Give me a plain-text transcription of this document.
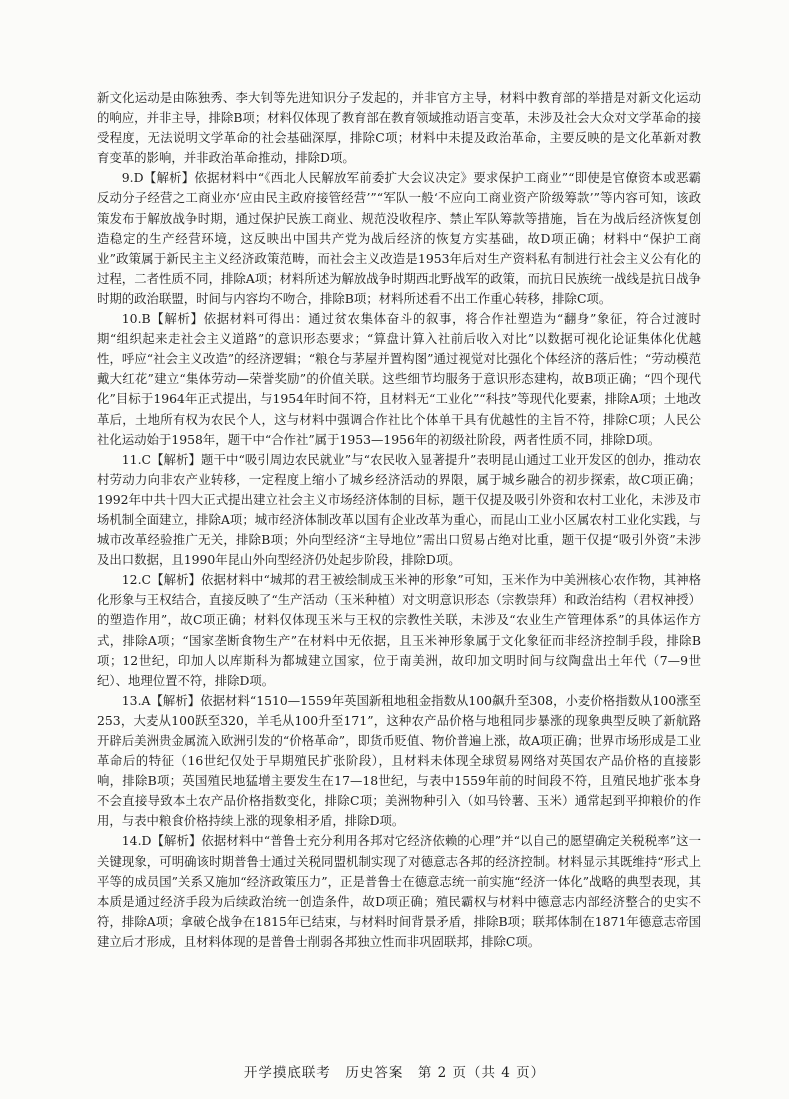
新文化运动是由陈独秀、李大钊等先进知识分子发起的，并非官方主导，材料中教育部的举措是对新文化运动的响应，并非主导，排除B项；材料仅体现了教育部在教育领域推动语言变革，未涉及社会大众对文学革命的接受程度，无法说明文学革命的社会基础深厚，排除C项；材料中未提及政治革命，主要反映的是文化革新对教育变革的影响，并非政治革命推动，排除D项。

9.D【解析】依据材料中“《西北人民解放军前委扩大会议决定》要求保护工商业”“即使是官僚资本或恶霸反动分子经营之工商业亦‘应由民主政府接管经营’”“军队一般‘不应向工商业资产阶级筹款’”等内容可知，该政策发布于解放战争时期，通过保护民族工商业、规范没收程序、禁止军队筹款等措施，旨在为战后经济恢复创造稳定的生产经营环境，这反映出中国共产党为战后经济的恢复方实基础，故D项正确；材料中“保护工商业”政策属于新民主主义经济政策范畴，而社会主义改造是1953年后对生产资料私有制进行社会主义公有化的过程，二者性质不同，排除A项；材料所述为解放战争时期西北野战军的政策，而抗日民族统一战线是抗日战争时期的政治联盟，时间与内容均不吻合，排除B项；材料所述看不出工作重心转移，排除C项。

10.B【解析】依据材料可得出：通过贫农集体奋斗的叙事，将合作社塑造为“翻身”象征，符合过渡时期“组织起来走社会主义道路”的意识形态要求；“算盘计算入社前后收入对比”以数据可视化论证集体化优越性，呼应“社会主义改造”的经济逻辑；“粮仓与茅屋并置构图”通过视觉对比强化个体经济的落后性；“劳动模范戴大红花”建立“集体劳动—荣誉奖励”的价值关联。这些细节均服务于意识形态建构，故B项正确；“四个现代化”目标于1964年正式提出，与1954年时间不符，且材料无“工业化”“科技”等现代化要素，排除A项；土地改革后，土地所有权为农民个人，这与材料中强调合作社比个体单干具有优越性的主旨不符，排除C项；人民公社化运动始于1958年，题干中“合作社”属于1953—1956年的初级社阶段，两者性质不同，排除D项。

11.C【解析】题干中“吸引周边农民就业”与“农民收入显著提升”表明昆山通过工业开发区的创办，推动农村劳动力向非农产业转移，一定程度上缩小了城乡经济活动的界限，属于城乡融合的初步探索，故C项正确；1992年中共十四大正式提出建立社会主义市场经济体制的目标，题干仅提及吸引外资和农村工业化，未涉及市场机制全面建立，排除A项；城市经济体制改革以国有企业改革为重心，而昆山工业小区属农村工业化实践，与城市改革经验推广无关，排除B项；外向型经济“主导地位”需出口贸易占绝对比重，题干仅提“吸引外资”未涉及出口数据，且1990年昆山外向型经济仍处起步阶段，排除D项。

12.C【解析】依据材料中“城邦的君王被绘制成玉米神的形象”可知，玉米作为中美洲核心农作物，其神格化形象与王权结合，直接反映了“生产活动（玉米种植）对文明意识形态（宗教崇拜）和政治结构（君权神授）的塑造作用”，故C项正确；材料仅体现玉米与王权的宗教性关联，未涉及“农业生产管理体系”的具体运作方式，排除A项；“国家垄断食物生产”在材料中无依据，且玉米神形象属于文化象征而非经济控制手段，排除B项；12世纪，印加人以库斯科为都城建立国家，位于南美洲，故印加文明时间与纹陶盘出土年代（7—9世纪）、地理位置不符，排除D项。

13.A【解析】依据材料“1510—1559年英国新租地租金指数从100飙升至308，小麦价格指数从100涨至253，大麦从100跃至320，羊毛从100升至171”，这种农产品价格与地租同步暴涨的现象典型反映了新航路开辟后美洲贵金属流入欧洲引发的“价格革命”，即货币贬值、物价普遍上涨，故A项正确；世界市场形成是工业革命后的特征（16世纪仅处于早期殖民扩张阶段），且材料未体现全球贸易网络对英国农产品价格的直接影响，排除B项；英国殖民地猛增主要发生在17—18世纪，与表中1559年前的时间段不符，且殖民地扩张本身不会直接导致本土农产品价格指数变化，排除C项；美洲物种引入（如马铃薯、玉米）通常起到平抑粮价的作用，与表中粮食价格持续上涨的现象相矛盾，排除D项。

14.D【解析】依据材料中“普鲁士充分利用各邦对它经济依赖的心理”并“以自己的愿望确定关税税率”这一关键现象，可明确该时期普鲁士通过关税同盟机制实现了对德意志各邦的经济控制。材料显示其既维持“形式上平等的成员国”关系又施加“经济政策压力”，正是普鲁士在德意志统一前实施“经济一体化”战略的典型表现，其本质是通过经济手段为后续政治统一创造条件，故D项正确；殖民霸权与材料中德意志内部经济整合的史实不符，排除A项；拿破仑战争在1815年已结束，与材料时间背景矛盾，排除B项；联邦体制在1871年德意志帝国建立后才形成，且材料体现的是普鲁士削弱各邦独立性而非巩固联邦，排除C项。

开学摸底联考　历史答案　第 2 页（共 4 页）
